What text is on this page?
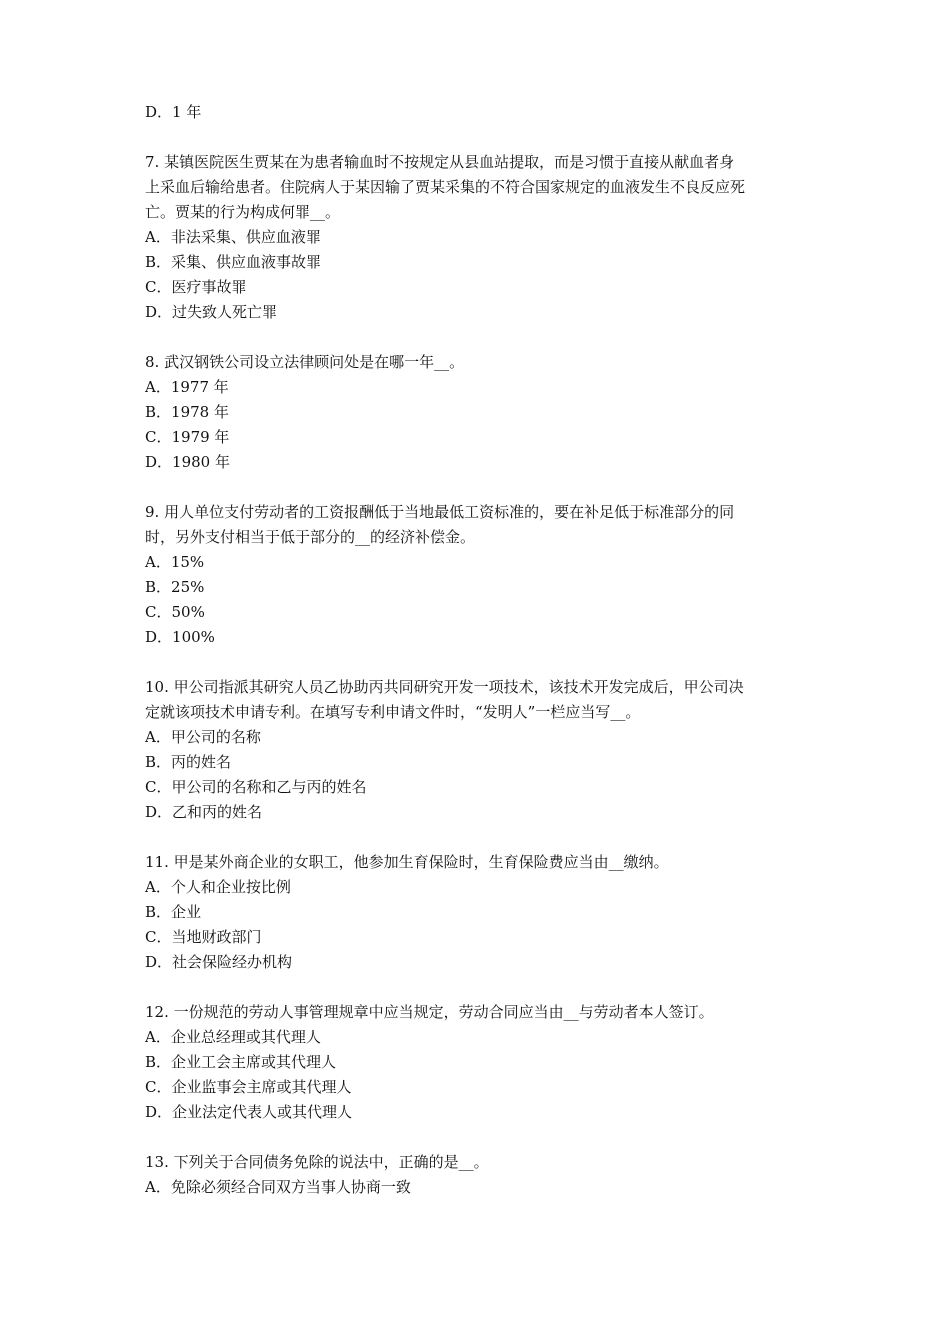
D．1 年
7. 某镇医院医生贾某在为患者输血时不按规定从县血站提取，而是习惯于直接从献血者身
上采血后输给患者。住院病人于某因输了贾某采集的不符合国家规定的血液发生不良反应死
亡。贾某的行为构成何罪__。
A．非法采集、供应血液罪
B．采集、供应血液事故罪
C．医疗事故罪
D．过失致人死亡罪
8. 武汉钢铁公司设立法律顾问处是在哪一年__。
A．1977 年
B．1978 年
C．1979 年
D．1980 年
9. 用人单位支付劳动者的工资报酬低于当地最低工资标准的，要在补足低于标准部分的同
时，另外支付相当于低于部分的__的经济补偿金。
A．15%
B．25%
C．50%
D．100%
10. 甲公司指派其研究人员乙协助丙共同研究开发一项技术，该技术开发完成后，甲公司决
定就该项技术申请专利。在填写专利申请文件时，“发明人”一栏应当写__。
A．甲公司的名称
B．丙的姓名
C．甲公司的名称和乙与丙的姓名
D．乙和丙的姓名
11. 甲是某外商企业的女职工，他参加生育保险时，生育保险费应当由__缴纳。
A．个人和企业按比例
B．企业
C．当地财政部门
D．社会保险经办机构
12. 一份规范的劳动人事管理规章中应当规定，劳动合同应当由__与劳动者本人签订。
A．企业总经理或其代理人
B．企业工会主席或其代理人
C．企业监事会主席或其代理人
D．企业法定代表人或其代理人
13. 下列关于合同债务免除的说法中，正确的是__。
A．免除必须经合同双方当事人协商一致
